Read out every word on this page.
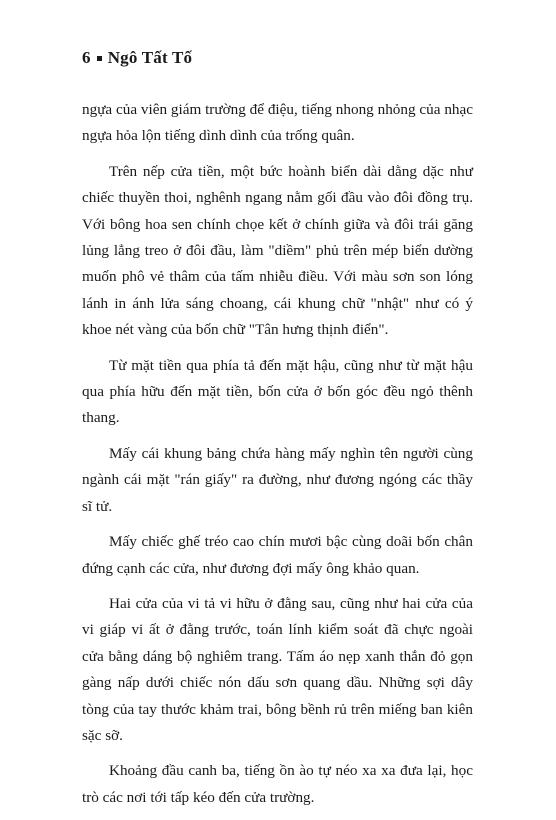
6 Ngô Tất Tố

ngựa của viên giám trường để điệu, tiếng nhong nhỏng của nhạc ngựa hỏa lộn tiếng dình dình của trống quân.

Trên nếp cửa tiền, một bức hoành biển dài dằng dặc như chiếc thuyền thoi, nghênh ngang nằm gối đầu vào đôi đồng trụ. Với bông hoa sen chính chọe kết ở chính giữa và đôi trái găng lủng lẳng treo ở đôi đầu, làm "diềm" phủ trên mép biển dường muốn phô vẻ thâm của tấm nhiễu điều. Với màu sơn son lóng lánh in ánh lửa sáng choang, cái khung chữ "nhật" như có ý khoe nét vàng của bốn chữ "Tân hưng thịnh điển".

Từ mặt tiền qua phía tả đến mặt hậu, cũng như từ mặt hậu qua phía hữu đến mặt tiền, bốn cửa ở bốn góc đều ngỏ thênh thang.

Mấy cái khung bảng chứa hàng mấy nghìn tên người cùng ngành cái mặt "rán giấy" ra đường, như đương ngóng các thầy sĩ tử.

Mấy chiếc ghế tréo cao chín mươi bậc cùng doãi bốn chân đứng cạnh các cửa, như đương đợi mấy ông khảo quan.

Hai cửa của vi tả vi hữu ở đằng sau, cũng như hai cửa của vi giáp vi ất ở đằng trước, toán lính kiểm soát đã chực ngoài cửa bằng dáng bộ nghiêm trang. Tấm áo nẹp xanh thắn đỏ gọn gàng nấp dưới chiếc nón dấu sơn quang dầu. Những sợi dây tòng của tay thước khảm trai, bông bềnh rủ trên miếng ban kiên sặc sỡ.

Khoảng đầu canh ba, tiếng ồn ào tự néo xa xa đưa lại, học trò các nơi tới tấp kéo đến cửa trường.
